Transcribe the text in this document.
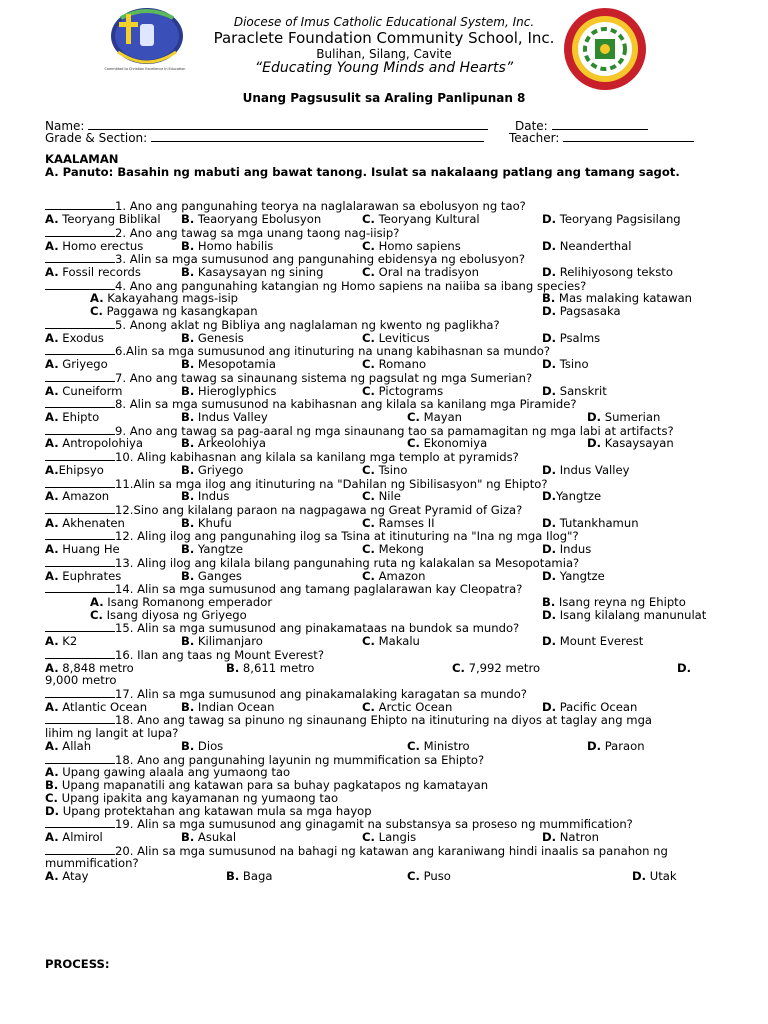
Committed to Christian Excellence in Education
Diocese of Imus Catholic Educational System, Inc.
Paraclete Foundation Community School, Inc.
Bulihan, Silang, Cavite
“Educating Young Minds and Hearts”
Unang Pagsusulit sa Araling Panlipunan 8
Name:	Date:
Grade & Section:	Teacher:
KAALAMAN
A. Panuto: Basahin ng mabuti ang bawat tanong. Isulat sa nakalaang patlang ang tamang sagot.
1. Ano ang pangunahing teorya na naglalarawan sa ebolusyon ng tao?
A. Teoryang Biblikal B. Teaoryang Ebolusyon	C. Teoryang Kultural	D. Teoryang Pagsisilang
2. Ano ang tawag sa mga unang taong nag-iisip?
A. Homo erectus	B. Homo habilis	C. Homo sapiens	D. Neanderthal
3. Alin sa mga sumusunod ang pangunahing ebidensya ng ebolusyon?
A. Fossil records	B. Kasaysayan ng sining	C. Oral na tradisyon	D. Relihiyosong teksto
4. Ano ang pangunahing katangian ng Homo sapiens na naiiba sa ibang species?
A. Kakayahang mags-isip	B. Mas malaking katawan
C. Paggawa ng kasangkapan	D. Pagsasaka
5. Anong aklat ng Bibliya ang naglalaman ng kwento ng paglikha?
A. Exodus	B. Genesis	C. Leviticus	D. Psalms
6.Alin sa mga sumusunod ang itinuturing na unang kabihasnan sa mundo?
A. Griyego	B. Mesopotamia	C. Romano	D. Tsino
7. Ano ang tawag sa sinaunang sistema ng pagsulat ng mga Sumerian?
A. Cuneiform	B. Hieroglyphics	C. Pictograms	D. Sanskrit
8. Alin sa mga sumusunod na kabihasnan ang kilala sa kanilang mga Piramide?
A. Ehipto	B. Indus Valley	C. Mayan	D. Sumerian
9. Ano ang tawag sa pag-aaral ng mga sinaunang tao sa pamamagitan ng mga labi at artifacts?
A. Antropolohiya	B. Arkeolohiya	C. Ekonomiya	D. Kasaysayan
10. Aling kabihasnan ang kilala sa kanilang mga templo at pyramids?
A.Ehipsyo	B. Griyego	C. Tsino	D. Indus Valley
11.Alin sa mga ilog ang itinuturing na "Dahilan ng Sibilisasyon" ng Ehipto?
A. Amazon	B. Indus	C. Nile	D.Yangtze
12.Sino ang kilalang paraon na nagpagawa ng Great Pyramid of Giza?
A. Akhenaten	B. Khufu	C. Ramses II	D. Tutankhamun
12. Aling ilog ang pangunahing ilog sa Tsina at itinuturing na "Ina ng mga Ilog"?
A. Huang He	B. Yangtze	C. Mekong	D. Indus
13. Aling ilog ang kilala bilang pangunahing ruta ng kalakalan sa Mesopotamia?
A. Euphrates	B. Ganges	C. Amazon	D. Yangtze
14. Alin sa mga sumusunod ang tamang paglalarawan kay Cleopatra?
A. Isang Romanong emperador	B. Isang reyna ng Ehipto
C. Isang diyosa ng Griyego	D. Isang kilalang manunulat
15. Alin sa mga sumusunod ang pinakamataas na bundok sa mundo?
A. K2	B. Kilimanjaro	C. Makalu	D. Mount Everest
16. Ilan ang taas ng Mount Everest?
A. 8,848 metro	B. 8,611 metro	C. 7,992 metro	D.
9,000 metro
17. Alin sa mga sumusunod ang pinakamalaking karagatan sa mundo?
A. Atlantic Ocean	B. Indian Ocean	C. Arctic Ocean	D. Pacific Ocean
18. Ano ang tawag sa pinuno ng sinaunang Ehipto na itinuturing na diyos at taglay ang mga
lihim ng langit at lupa?
A. Allah	B. Dios	C. Ministro	D. Paraon
18. Ano ang pangunahing layunin ng mummification sa Ehipto?
A. Upang gawing alaala ang yumaong tao
B. Upang mapanatili ang katawan para sa buhay pagkatapos ng kamatayan
C. Upang ipakita ang kayamanan ng yumaong tao
D. Upang protektahan ang katawan mula sa mga hayop
19. Alin sa mga sumusunod ang ginagamit na substansya sa proseso ng mummification?
A. Almirol	B. Asukal	C. Langis	D. Natron
20. Alin sa mga sumusunod na bahagi ng katawan ang karaniwang hindi inaalis sa panahon ng
mummification?
A. Atay	B. Baga	C. Puso	D. Utak
PROCESS:
